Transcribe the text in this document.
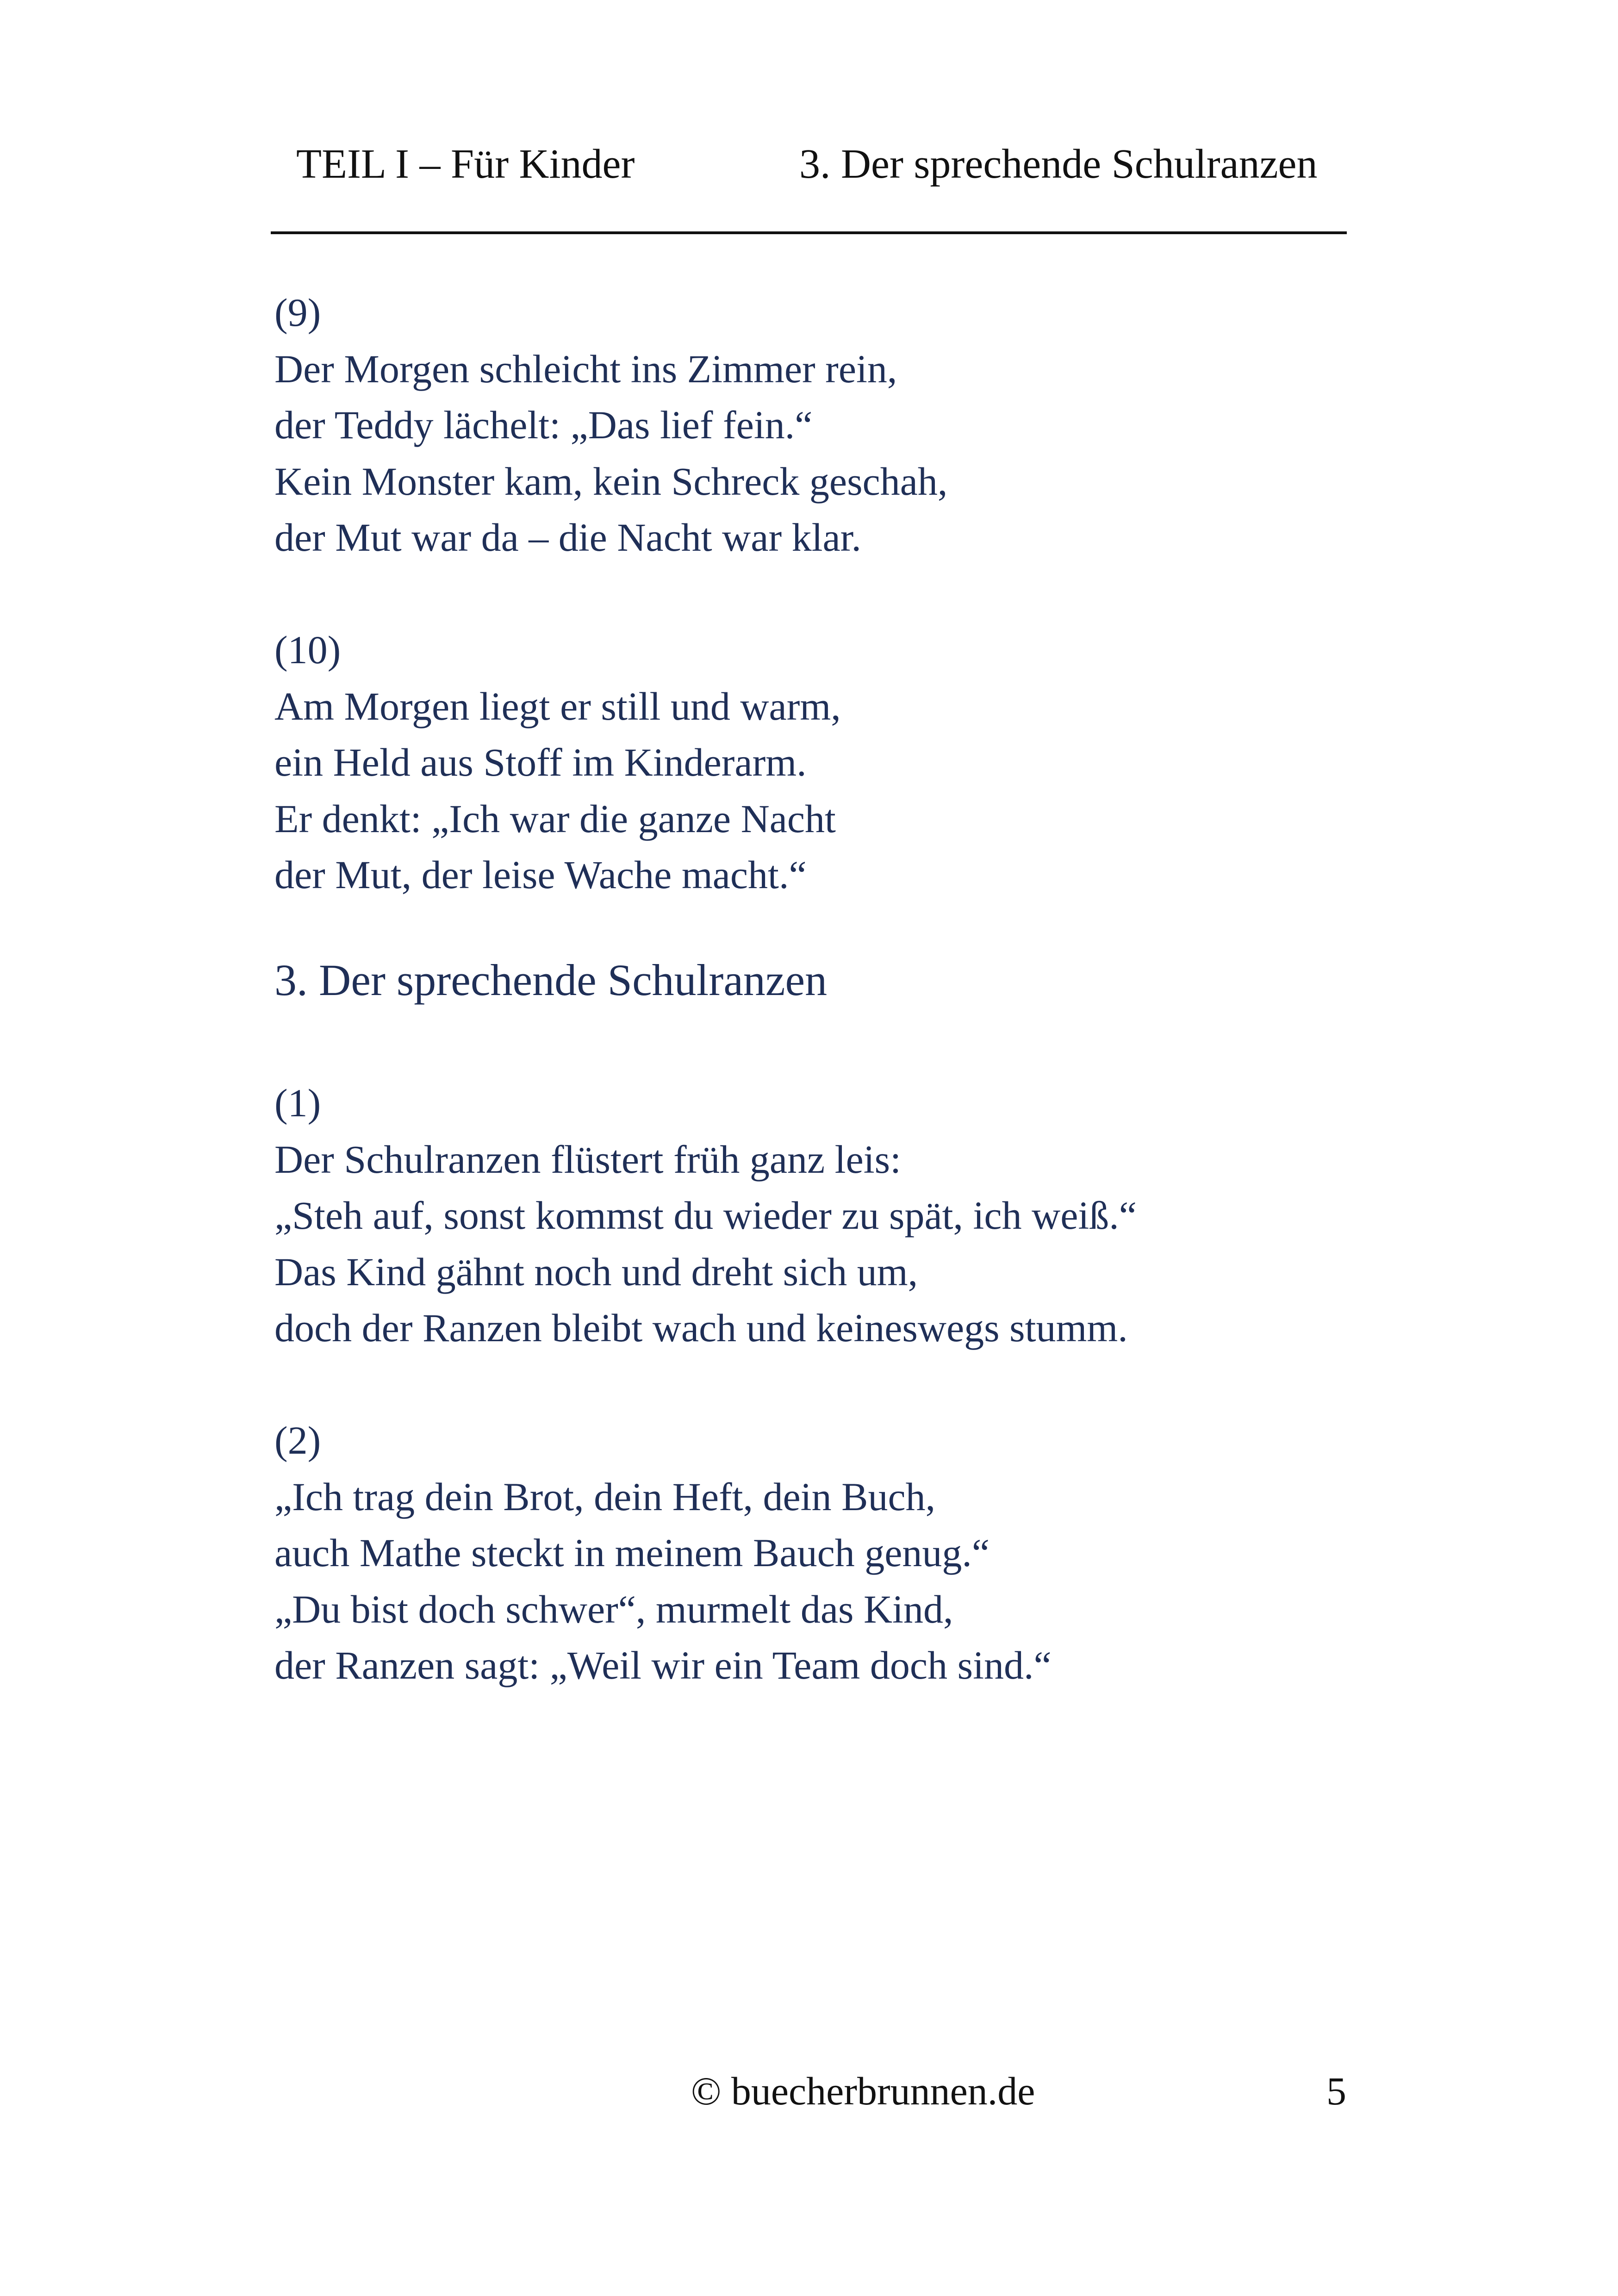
TEIL I – Für Kinder	3. Der sprechende Schulranzen
(9)
Der Morgen schleicht ins Zimmer rein,
der Teddy lächelt: „Das lief fein.“
Kein Monster kam, kein Schreck geschah,
der Mut war da – die Nacht war klar.
(10)
Am Morgen liegt er still und warm,
ein Held aus Stoff im Kinderarm.
Er denkt: „Ich war die ganze Nacht
der Mut, der leise Wache macht.“
3. Der sprechende Schulranzen
(1)
Der Schulranzen flüstert früh ganz leis:
„Steh auf, sonst kommst du wieder zu spät, ich weiß.“
Das Kind gähnt noch und dreht sich um,
doch der Ranzen bleibt wach und keineswegs stumm.
(2)
„Ich trag dein Brot, dein Heft, dein Buch,
auch Mathe steckt in meinem Bauch genug.“
„Du bist doch schwer“, murmelt das Kind,
der Ranzen sagt: „Weil wir ein Team doch sind.“
© buecherbrunnen.de	5
